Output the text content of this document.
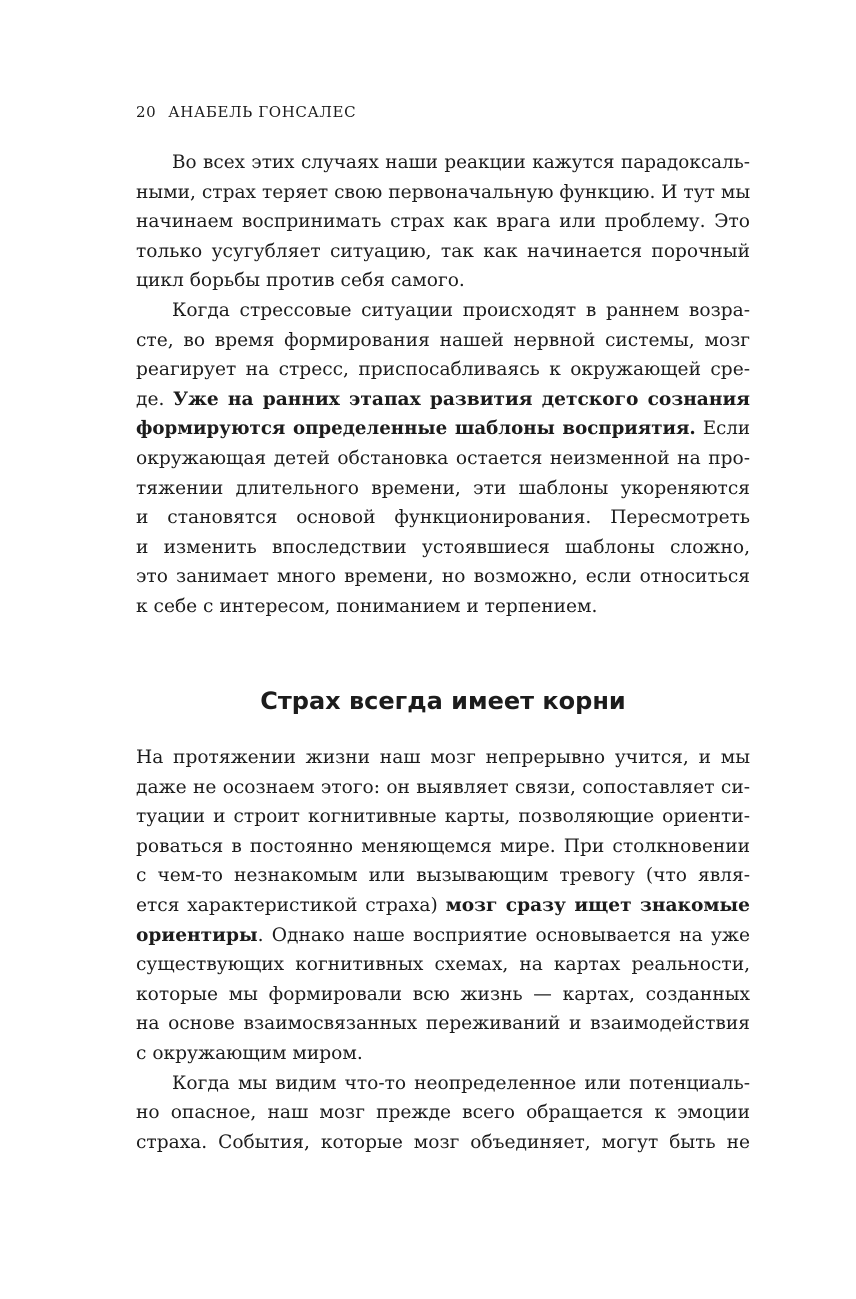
20 АНАБЕЛЬ ГОНСАЛЕС
Во всех этих случаях наши реакции кажутся парадоксаль-
ными, страх теряет свою первоначальную функцию. И тут мы
начинаем воспринимать страх как врага или проблему. Это
только усугубляет ситуацию, так как начинается порочный
цикл борьбы против себя самого.
Когда стрессовые ситуации происходят в раннем возра-
сте, во время формирования нашей нервной системы, мозг
реагирует на стресс, приспосабливаясь к окружающей сре-
де. Уже на ранних этапах развития детского сознания
формируются определенные шаблоны восприятия. Если
окружающая детей обстановка остается неизменной на про-
тяжении длительного времени, эти шаблоны укореняются
и становятся основой функционирования. Пересмотреть
и изменить впоследствии устоявшиеся шаблоны сложно,
это занимает много времени, но возможно, если относиться
к себе с интересом, пониманием и терпением.
Страх всегда имеет корни
На протяжении жизни наш мозг непрерывно учится, и мы
даже не осознаем этого: он выявляет связи, сопоставляет си-
туации и строит когнитивные карты, позволяющие ориенти-
роваться в постоянно меняющемся мире. При столкновении
с чем-то незнакомым или вызывающим тревогу (что явля-
ется характеристикой страха) мозг сразу ищет знакомые
ориентиры. Однако наше восприятие основывается на уже
существующих когнитивных схемах, на картах реальности,
которые мы формировали всю жизнь — картах, созданных
на основе взаимосвязанных переживаний и взаимодействия
с окружающим миром.
Когда мы видим что-то неопределенное или потенциаль-
но опасное, наш мозг прежде всего обращается к эмоции
страха. События, которые мозг объединяет, могут быть не
